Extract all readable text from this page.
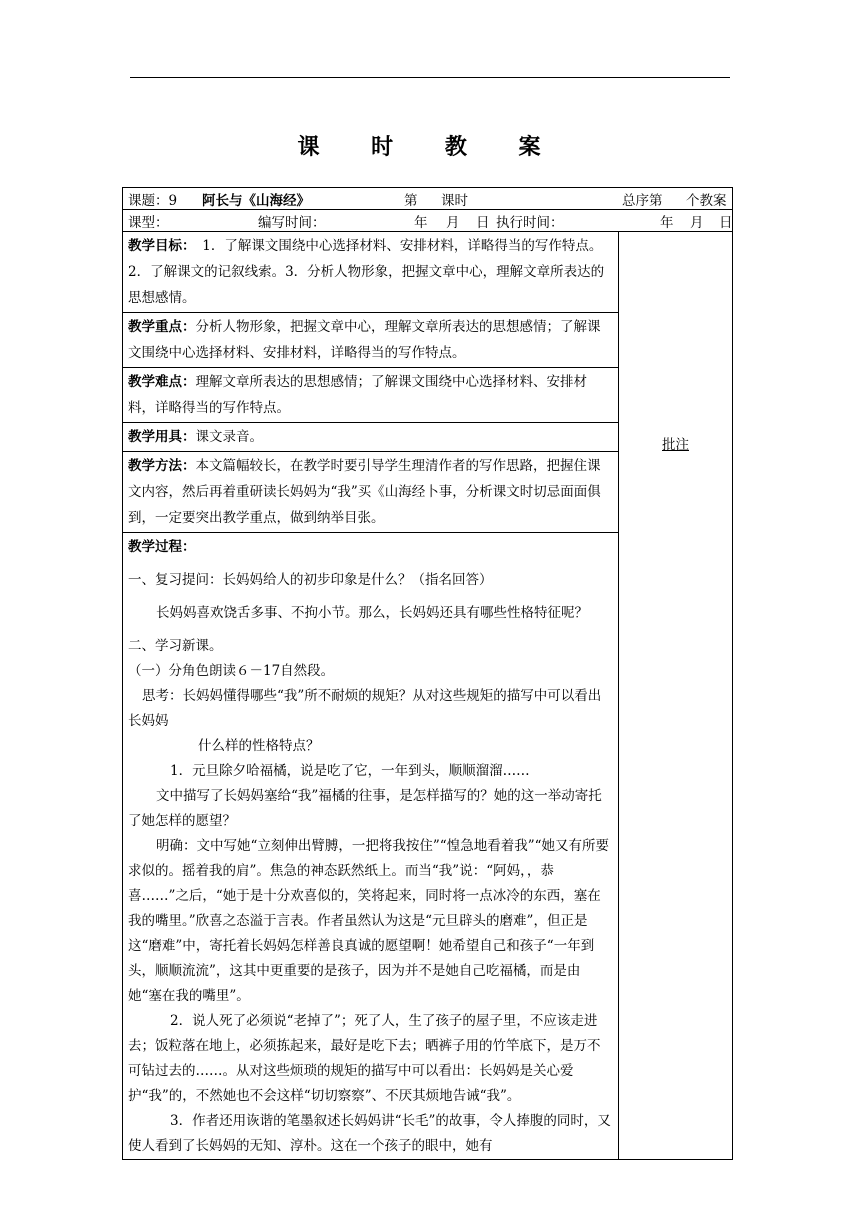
课 时 教 案
课题：9 阿长与《山海经》	第 课时	总序第 个教案

课型：	编写时间：	年 月 日 执行时间：	年 月 日

教学目标：　1．了解课文围绕中心选择材料、安排材料，详略得当的写作特点。2．了解课文的记叙线索。3．分析人物形象，把握文章中心，理解文章所表达的思想感情。	批注
教学重点：分析人物形象，把握文章中心，理解文章所表达的思想感情；了解课文围绕中心选择材料、安排材料，详略得当的写作特点。
教学难点：理解文章所表达的思想感情；了解课文围绕中心选择材料、安排材料，详略得当的写作特点。
教学用具：课文录音。
教学方法：本文篇幅较长，在教学时要引导学生理清作者的写作思路，把握住课文内容，然后再着重研读长妈妈为“我”买《山海经卜事，分析课文时切忌面面俱到，一定要突出教学重点，做到纳举目张。

教学过程：

一、复习提问：长妈妈给人的初步印象是什么？（指名回答）

长妈妈喜欢饶舌多事、不拘小节。那么，长妈妈还具有哪些性格特征呢？

二、学习新课。

（一）分角色朗读６－17自然段。

思考：长妈妈懂得哪些“我”所不耐烦的规矩？从对这些规矩的描写中可以看出长妈妈

什么样的性格特点？

1．元旦除夕哈福橘，说是吃了它，一年到头，顺顺溜溜……

文中描写了长妈妈塞给“我”福橘的往事，是怎样描写的？她的这一举动寄托了她怎样的愿望？

明确：文中写她“立刻伸出臂膊，一把将我按住”“惶急地看着我”“她又有所要求似的。摇着我的肩”。焦急的神态跃然纸上。而当“我”说：“阿妈，，恭喜……”之后，“她于是十分欢喜似的，笑将起来，同时将一点冰冷的东西，塞在我的嘴里。”欣喜之态溢于言表。作者虽然认为这是“元旦辟头的磨难”，但正是这“磨难”中，寄托着长妈妈怎样善良真诚的愿望啊！她希望自己和孩子“一年到头，顺顺流流”，这其中更重要的是孩子，因为并不是她自己吃福橘，而是由她“塞在我的嘴里”。

2．说人死了必须说“老掉了”；死了人，生了孩子的屋子里，不应该走进去；饭粒落在地上，必须拣起来，最好是吃下去；晒裤子用的竹竿底下，是万不可钻过去的……。从对这些烦琐的规矩的描写中可以看出：长妈妈是关心爱护“我”的，不然她也不会这样“切切察察”、不厌其烦地告诫“我”。

3．作者还用诙谐的笔墨叙述长妈妈讲“长毛”的故事，令人捧腹的同时，又使人看到了长妈妈的无知、淳朴。这在一个孩子的眼中，她有
